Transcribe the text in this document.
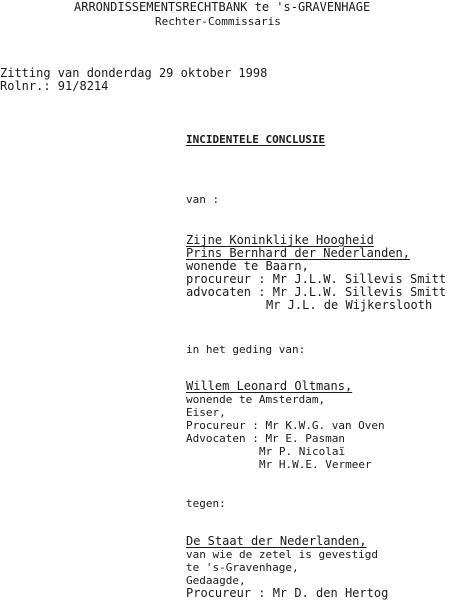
ARRONDISSEMENTSRECHTBANK te 's-GRAVENHAGE
Rechter-Commissaris
Zitting van donderdag 29 oktober 1998
Rolnr.: 91/8214
INCIDENTELE CONCLUSIE
van :
Zijne Koninklijke Hoogheid
Prins Bernhard der Nederlanden,
wonende te Baarn,
procureur : Mr J.L.W. Sillevis Smitt
advocaten : Mr J.L.W. Sillevis Smitt
Mr J.L. de Wijkerslooth
in het geding van:
Willem Leonard Oltmans,
wonende te Amsterdam,
Eiser,
Procureur : Mr K.W.G. van Oven
Advocaten : Mr E. Pasman
Mr P. Nicolaï
Mr H.W.E. Vermeer
tegen:
De Staat der Nederlanden,
van wie de zetel is gevestigd
te 's-Gravenhage,
Gedaagde,
Procureur : Mr D. den Hertog
